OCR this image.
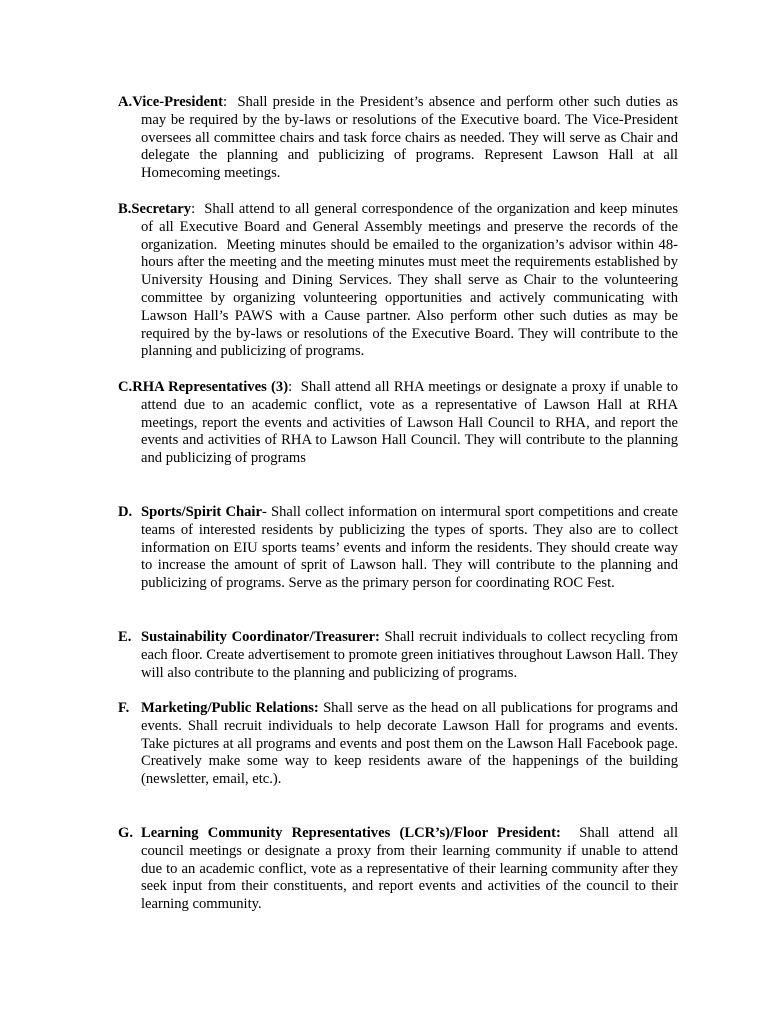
A.Vice-President:  Shall preside in the President’s absence and perform other such duties as may be required by the by-laws or resolutions of the Executive board. The Vice-President oversees all committee chairs and task force chairs as needed. They will serve as Chair and delegate the planning and publicizing of programs. Represent Lawson Hall at all Homecoming meetings.

B.Secretary:  Shall attend to all general correspondence of the organization and keep minutes of all Executive Board and General Assembly meetings and preserve the records of the organization.  Meeting minutes should be emailed to the organization’s advisor within 48-hours after the meeting and the meeting minutes must meet the requirements established by University Housing and Dining Services. They shall serve as Chair to the volunteering committee by organizing volunteering opportunities and actively communicating with Lawson Hall’s PAWS with a Cause partner. Also perform other such duties as may be required by the by-laws or resolutions of the Executive Board. They will contribute to the planning and publicizing of programs.

C.RHA Representatives (3):  Shall attend all RHA meetings or designate a proxy if unable to attend due to an academic conflict, vote as a representative of Lawson Hall at RHA meetings, report the events and activities of Lawson Hall Council to RHA, and report the events and activities of RHA to Lawson Hall Council. They will contribute to the planning and publicizing of programs

D. Sports/Spirit Chair- Shall collect information on intermural sport competitions and create teams of interested residents by publicizing the types of sports. They also are to collect information on EIU sports teams’ events and inform the residents. They should create way to increase the amount of sprit of Lawson hall. They will contribute to the planning and publicizing of programs. Serve as the primary person for coordinating ROC Fest.

E. Sustainability Coordinator/Treasurer: Shall recruit individuals to collect recycling from each floor. Create advertisement to promote green initiatives throughout Lawson Hall. They will also contribute to the planning and publicizing of programs.

F. Marketing/Public Relations: Shall serve as the head on all publications for programs and events. Shall recruit individuals to help decorate Lawson Hall for programs and events. Take pictures at all programs and events and post them on the Lawson Hall Facebook page. Creatively make some way to keep residents aware of the happenings of the building (newsletter, email, etc.).

G. Learning Community Representatives (LCR’s)/Floor President:  Shall attend all council meetings or designate a proxy from their learning community if unable to attend due to an academic conflict, vote as a representative of their learning community after they seek input from their constituents, and report events and activities of the council to their learning community.
